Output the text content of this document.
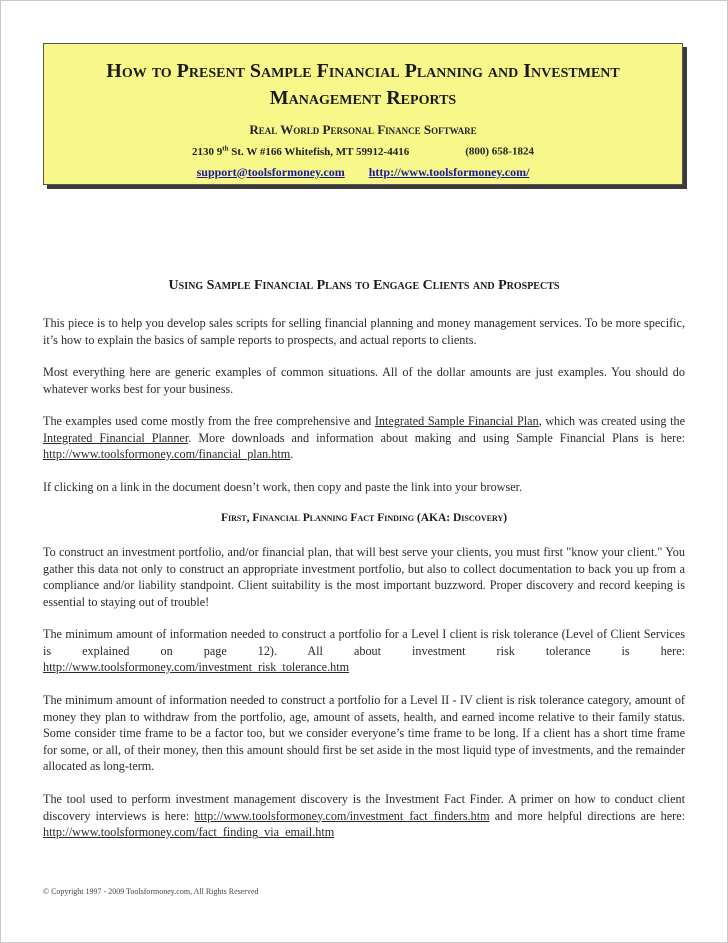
How to Present Sample Financial Planning and Investment
Management Reports
Real World Personal Finance Software
2130 9th St. W #166 Whitefish, MT 59912-4416	(800) 658-1824
support@toolsformoney.com http://www.toolsformoney.com/
Using Sample Financial Plans to Engage Clients and Prospects

This piece is to help you develop sales scripts for selling financial planning and money management services. To be more specific, it’s how to explain the basics of sample reports to prospects, and actual reports to clients.

Most everything here are generic examples of common situations. All of the dollar amounts are just examples. You should do whatever works best for your business.

The examples used come mostly from the free comprehensive and Integrated Sample Financial Plan, which was created using the Integrated Financial Planner. More downloads and information about making and using Sample Financial Plans is here: http://www.toolsformoney.com/financial_plan.htm.

If clicking on a link in the document doesn’t work, then copy and paste the link into your browser.

First, Financial Planning Fact Finding (AKA: Discovery)

To construct an investment portfolio, and/or financial plan, that will best serve your clients, you must first "know your client." You gather this data not only to construct an appropriate investment portfolio, but also to collect documentation to back you up from a compliance and/or liability standpoint. Client suitability is the most important buzzword. Proper discovery and record keeping is essential to staying out of trouble!

The minimum amount of information needed to construct a portfolio for a Level I client is risk tolerance (Level of Client Services is explained on page 12). All about investment risk tolerance is here: http://www.toolsformoney.com/investment_risk_tolerance.htm

The minimum amount of information needed to construct a portfolio for a Level II - IV client is risk tolerance category, amount of money they plan to withdraw from the portfolio, age, amount of assets, health, and earned income relative to their family status. Some consider time frame to be a factor too, but we consider everyone’s time frame to be long. If a client has a short time frame for some, or all, of their money, then this amount should first be set aside in the most liquid type of investments, and the remainder allocated as long-term.

The tool used to perform investment management discovery is the Investment Fact Finder. A primer on how to conduct client discovery interviews is here: http://www.toolsformoney.com/investment_fact_finders.htm and more helpful directions are here: http://www.toolsformoney.com/fact_finding_via_email.htm

© Copyright 1997 - 2009 Toolsformoney.com, All Rights Reserved
